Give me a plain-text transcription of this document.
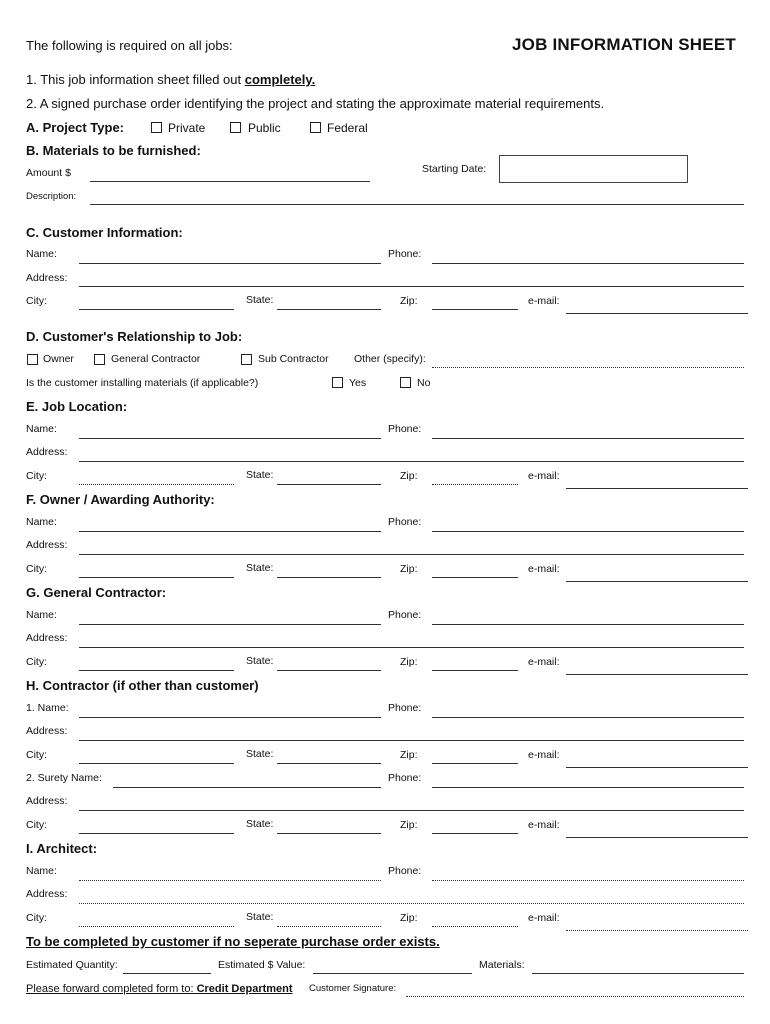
The following is required on all jobs:	JOB INFORMATION SHEET
1. This job information sheet filled out completely.
2. A signed purchase order identifying the project and stating the approximate material requirements.
A. Project Type:	Private	Public	Federal
B. Materials to be furnished:
Amount $	Starting Date:
Description:
C. Customer Information:
Name:	Phone:
Address:
City:	State:	Zip:	e-mail:
D. Customer's Relationship to Job:
Owner	General Contractor	Sub Contractor Other (specify):
Is the customer installing materials (if applicable?)	Yes	No
E. Job Location:
Name:	Phone:
Address:
City:	State:	Zip:	e-mail:
F. Owner / Awarding Authority:
Name:	Phone:
Address:
City:	State:	Zip:	e-mail:
G. General Contractor:
Name:	Phone:
Address:
City:	State:	Zip:	e-mail:
H. Contractor (if other than customer)
1. Name:	Phone:
Address:
City:	State:	Zip:	e-mail:
2. Surety Name:	Phone:
Address:
City:	State:	Zip:	e-mail:
I. Architect:
Name:	Phone:
Address:
City:	State:	Zip:	e-mail:
To be completed by customer if no seperate purchase order exists.
Estimated Quantity:	Estimated $ Value:	Materials:
Please forward completed form to: Credit Department Customer Signature:
